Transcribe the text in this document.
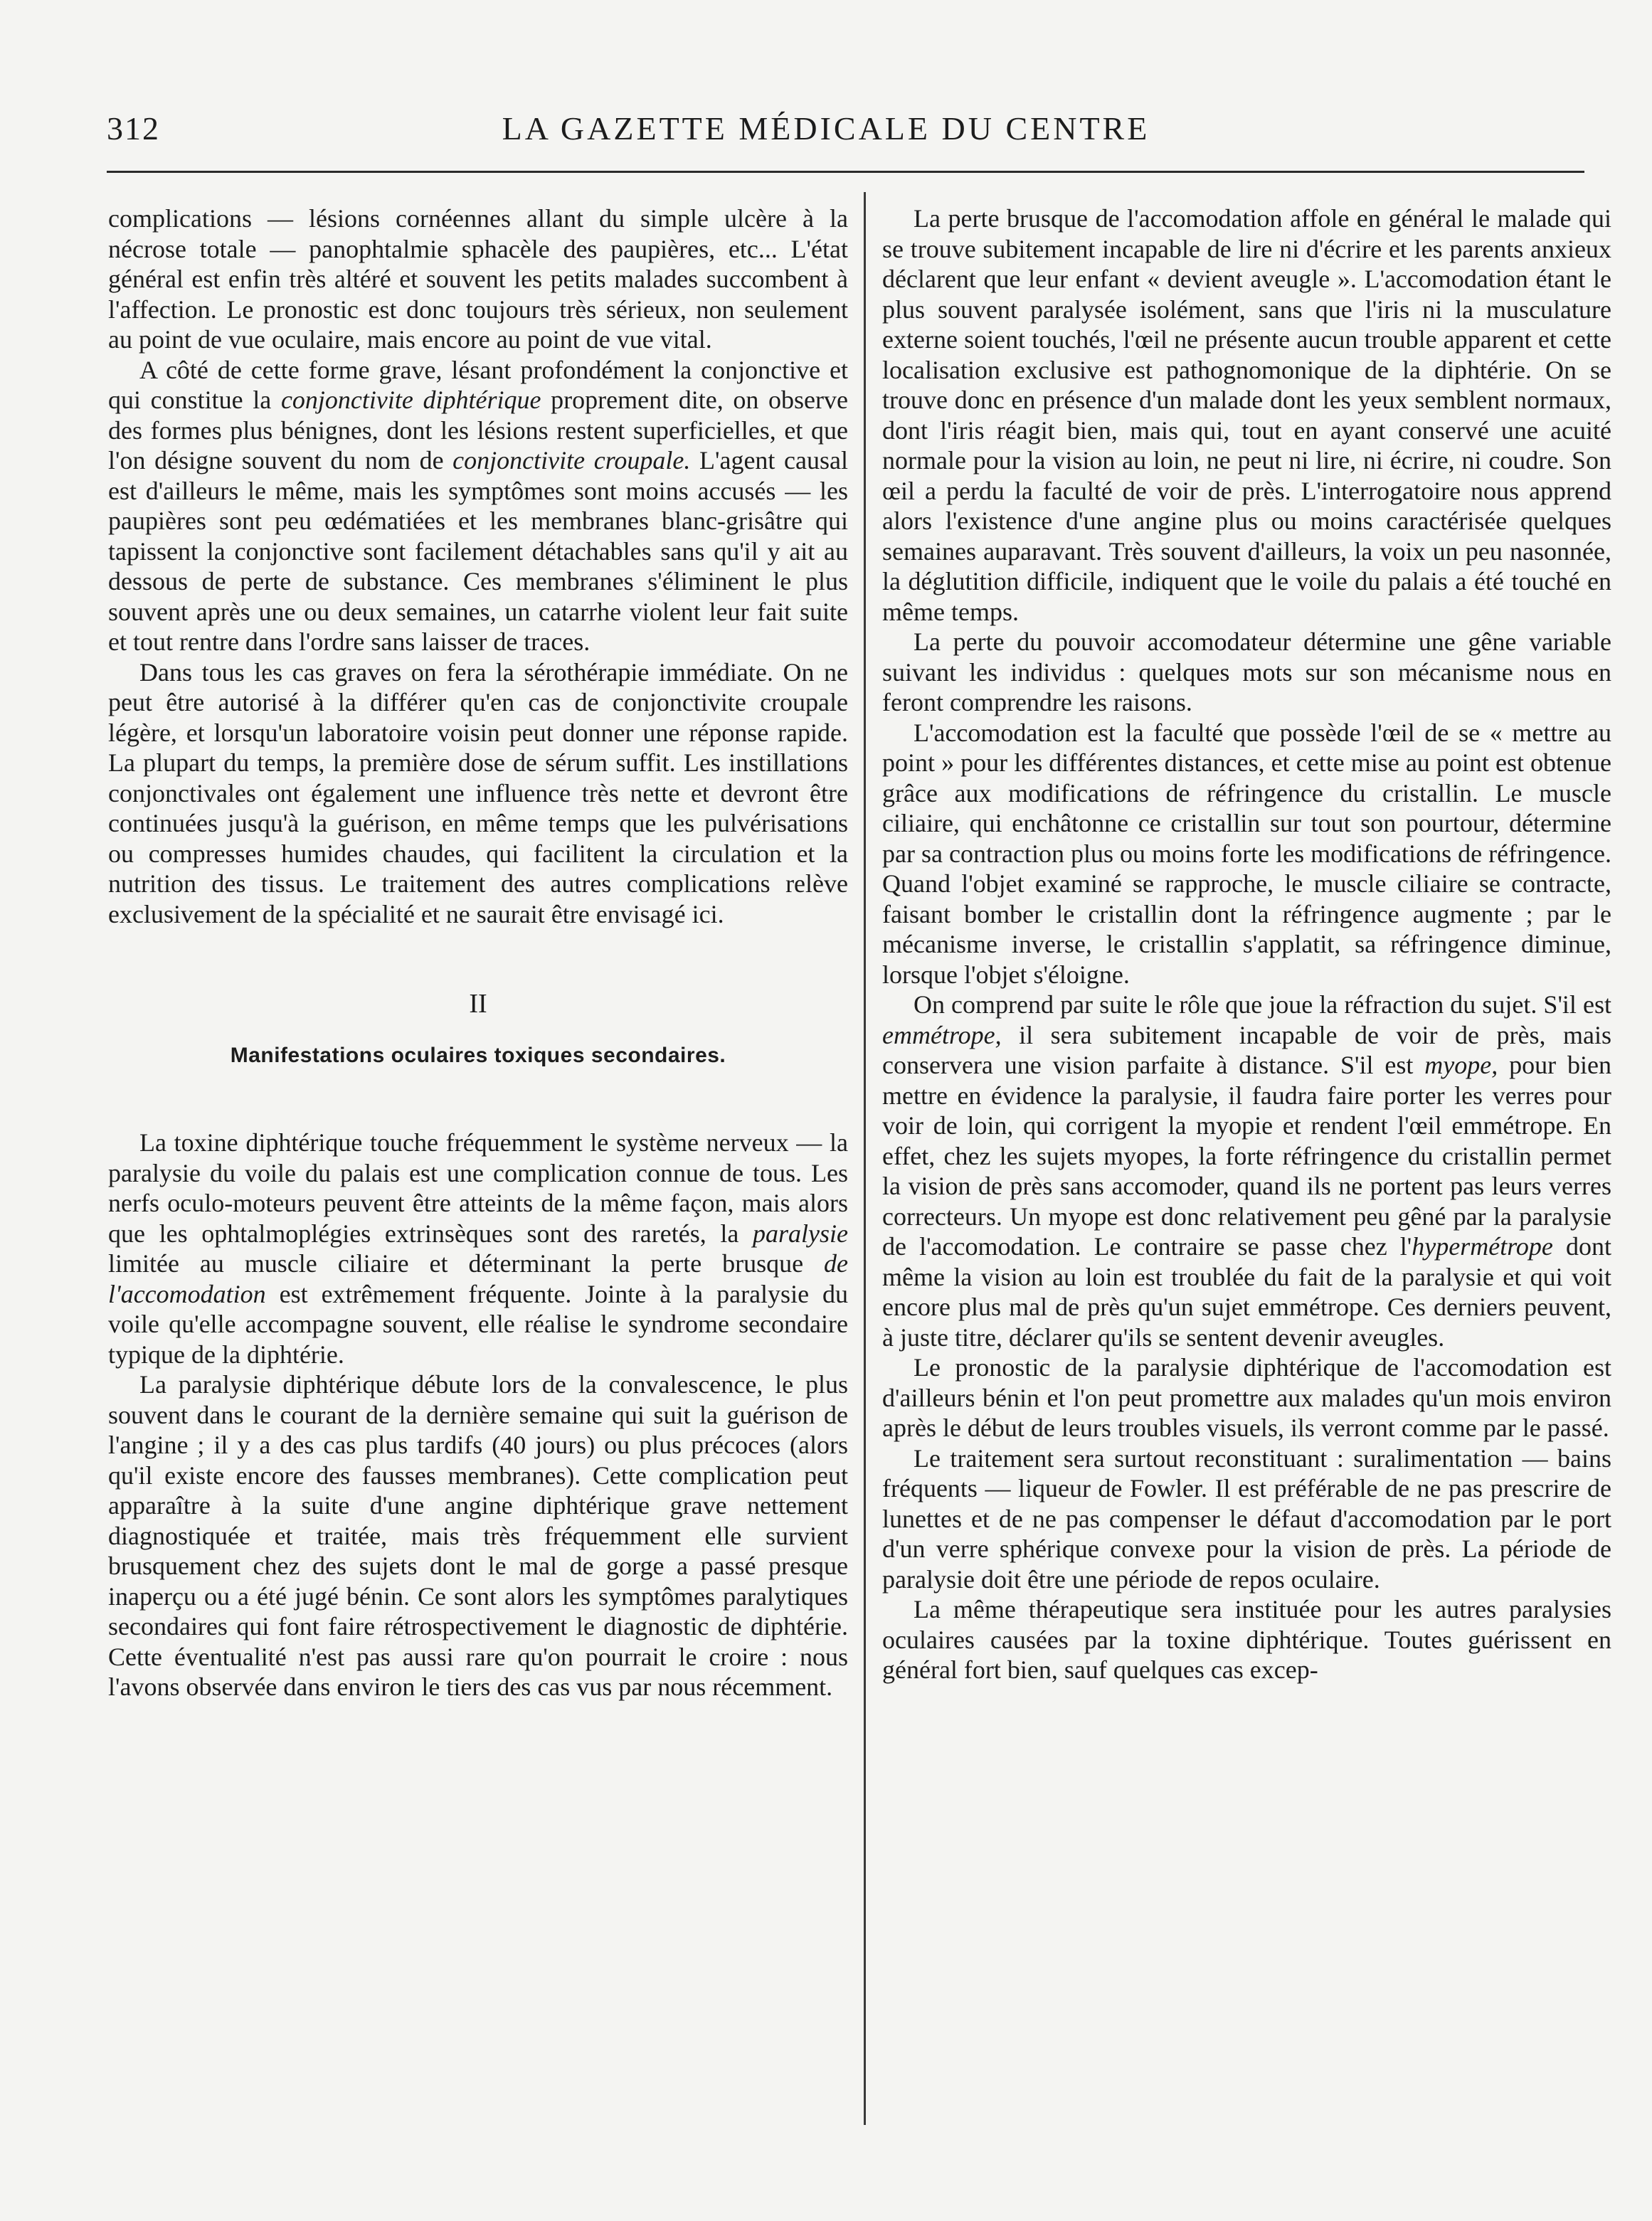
312	LA GAZETTE MÉDICALE DU CENTRE

complications — lésions cornéennes allant du simple ulcère à la nécrose totale — panophtalmie sphacèle des paupières, etc... L'état général est enfin très altéré et souvent les petits malades succombent à l'affection. Le pronostic est donc toujours très sérieux, non seulement au point de vue oculaire, mais encore au point de vue vital.

A côté de cette forme grave, lésant profondément la conjonctive et qui constitue la conjonctivite diphtérique proprement dite, on observe des formes plus bénignes, dont les lésions restent superficielles, et que l'on désigne souvent du nom de conjonctivite croupale. L'agent causal est d'ailleurs le même, mais les symptômes sont moins accusés — les paupières sont peu œdématiées et les membranes blanc-grisâtre qui tapissent la conjonctive sont facilement détachables sans qu'il y ait au dessous de perte de substance. Ces membranes s'éliminent le plus souvent après une ou deux semaines, un catarrhe violent leur fait suite et tout rentre dans l'ordre sans laisser de traces.

Dans tous les cas graves on fera la sérothérapie immédiate. On ne peut être autorisé à la différer qu'en cas de conjonctivite croupale légère, et lorsqu'un laboratoire voisin peut donner une réponse rapide. La plupart du temps, la première dose de sérum suffit. Les instillations conjonctivales ont également une influence très nette et devront être continuées jusqu'à la guérison, en même temps que les pulvérisations ou compresses humides chaudes, qui facilitent la circulation et la nutrition des tissus. Le traitement des autres complications relève exclusivement de la spécialité et ne saurait être envisagé ici.

II
Manifestations oculaires toxiques secondaires.

La toxine diphtérique touche fréquemment le système nerveux — la paralysie du voile du palais est une complication connue de tous. Les nerfs oculo-moteurs peuvent être atteints de la même façon, mais alors que les ophtalmoplégies extrinsèques sont des raretés, la paralysie limitée au muscle ciliaire et déterminant la perte brusque de l'accomodation est extrêmement fréquente. Jointe à la paralysie du voile qu'elle accompagne souvent, elle réalise le syndrome secondaire typique de la diphtérie.

La paralysie diphtérique débute lors de la convalescence, le plus souvent dans le courant de la dernière semaine qui suit la guérison de l'angine ; il y a des cas plus tardifs (40 jours) ou plus précoces (alors qu'il existe encore des fausses membranes). Cette complication peut apparaître à la suite d'une angine diphtérique grave nettement diagnostiquée et traitée, mais très fréquemment elle survient brusquement chez des sujets dont le mal de gorge a passé presque inaperçu ou a été jugé bénin. Ce sont alors les symptômes paralytiques secondaires qui font faire rétrospectivement le diagnostic de diphtérie. Cette éventualité n'est pas aussi rare qu'on pourrait le croire : nous l'avons observée dans environ le tiers des cas vus par nous récemment.

La perte brusque de l'accomodation affole en général le malade qui se trouve subitement incapable de lire ni d'écrire et les parents anxieux déclarent que leur enfant « devient aveugle ». L'accomodation étant le plus souvent paralysée isolément, sans que l'iris ni la musculature externe soient touchés, l'œil ne présente aucun trouble apparent et cette localisation exclusive est pathognomonique de la diphtérie. On se trouve donc en présence d'un malade dont les yeux semblent normaux, dont l'iris réagit bien, mais qui, tout en ayant conservé une acuité normale pour la vision au loin, ne peut ni lire, ni écrire, ni coudre. Son œil a perdu la faculté de voir de près. L'interrogatoire nous apprend alors l'existence d'une angine plus ou moins caractérisée quelques semaines auparavant. Très souvent d'ailleurs, la voix un peu nasonnée, la déglutition difficile, indiquent que le voile du palais a été touché en même temps.

La perte du pouvoir accomodateur détermine une gêne variable suivant les individus : quelques mots sur son mécanisme nous en feront comprendre les raisons.

L'accomodation est la faculté que possède l'œil de se « mettre au point » pour les différentes distances, et cette mise au point est obtenue grâce aux modifications de réfringence du cristallin. Le muscle ciliaire, qui enchâtonne ce cristallin sur tout son pourtour, détermine par sa contraction plus ou moins forte les modifications de réfringence. Quand l'objet examiné se rapproche, le muscle ciliaire se contracte, faisant bomber le cristallin dont la réfringence augmente ; par le mécanisme inverse, le cristallin s'applatit, sa réfringence diminue, lorsque l'objet s'éloigne.

On comprend par suite le rôle que joue la réfraction du sujet. S'il est emmétrope, il sera subitement incapable de voir de près, mais conservera une vision parfaite à distance. S'il est myope, pour bien mettre en évidence la paralysie, il faudra faire porter les verres pour voir de loin, qui corrigent la myopie et rendent l'œil emmétrope. En effet, chez les sujets myopes, la forte réfringence du cristallin permet la vision de près sans accomoder, quand ils ne portent pas leurs verres correcteurs. Un myope est donc relativement peu gêné par la paralysie de l'accomodation. Le contraire se passe chez l'hypermétrope dont même la vision au loin est troublée du fait de la paralysie et qui voit encore plus mal de près qu'un sujet emmétrope. Ces derniers peuvent, à juste titre, déclarer qu'ils se sentent devenir aveugles.

Le pronostic de la paralysie diphtérique de l'accomodation est d'ailleurs bénin et l'on peut promettre aux malades qu'un mois environ après le début de leurs troubles visuels, ils verront comme par le passé.

Le traitement sera surtout reconstituant : suralimentation — bains fréquents — liqueur de Fowler. Il est préférable de ne pas prescrire de lunettes et de ne pas compenser le défaut d'accomodation par le port d'un verre sphérique convexe pour la vision de près. La période de paralysie doit être une période de repos oculaire.

La même thérapeutique sera instituée pour les autres paralysies oculaires causées par la toxine diphtérique. Toutes guérissent en général fort bien, sauf quelques cas excep-
